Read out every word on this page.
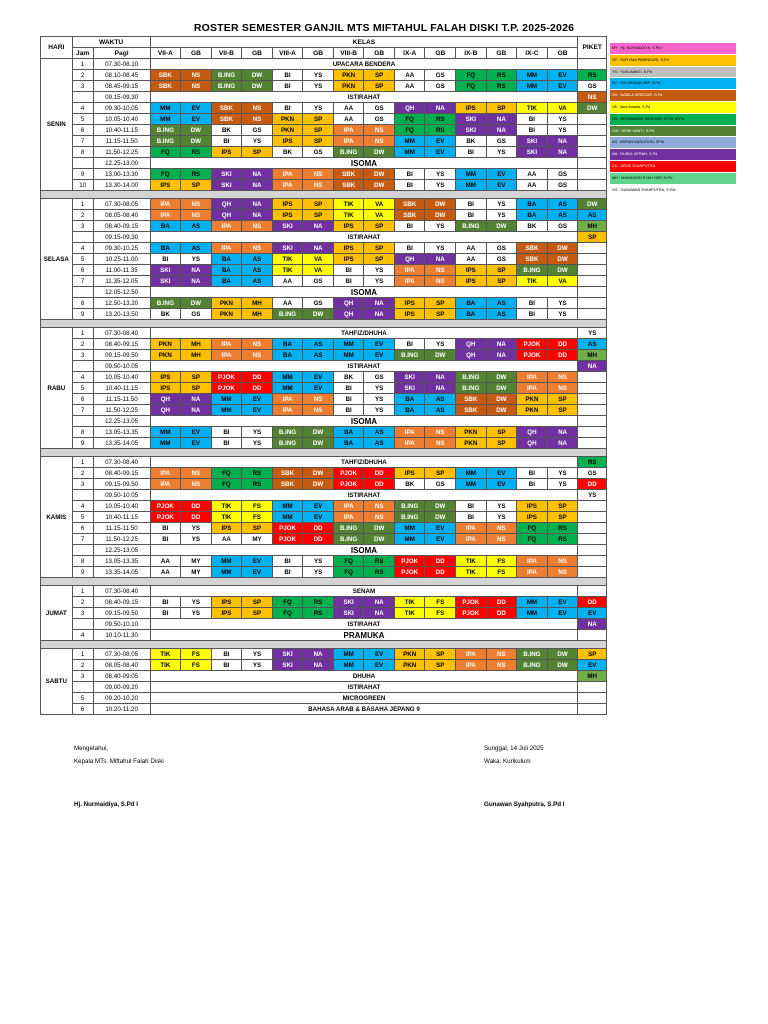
ROSTER SEMESTER GANJIL MTS MIFTAHUL FALAH DISKI T.P. 2025-2026
HARI	WAKTU		KELAS														PIKET
	Jam	Pagi	VII-A	GB	VII-B	GB	VIII-A	GB	VIII-B	GB	IX-A	GB	IX-B	GB	IX-C	GB	
SENIN	1	07.30-08.10	UPACARA BENDERA														
	2	08.10-08.45	SBK	NS	B.ING	DW	BI	YS	PKN	SP	AA	GS	FQ	RS	MM	EV	RS
	3	08.45-09.15	SBK	NS	B.ING	DW	BI	YS	PKN	SP	AA	GS	FQ	RS	MM	EV	GS
		09.15-09.30	ISTIRAHAT														NS
	4	09.30-10.05	MM	EV	SBK	NS	BI	YS	AA	GS	QH	NA	IPS	SP	TIK	VA	DW
	5	10.05-10.40	MM	EV	SBK	NS	PKN	SP	AA	GS	FQ	RS	SKI	NA	BI	YS	
	6	10.40-11.15	B.ING	DW	BK	GS	PKN	SP	IPA	NS	FQ	RS	SKI	NA	BI	YS	
	7	11.15-11.50	B.ING	DW	BI	YS	IPS	SP	IPA	NS	MM	EV	BK	GS	SKI	NA	
	8	11.50-12.25	FQ	RS	IPS	SP	BK	GS	B.ING	DW	MM	EV	BI	YS	SKI	NA	
		12.25-13.00	ISOMA														
	9	13.00-13.30	FQ	RS	SKI	NA	IPA	NS	SBK	DW	BI	YS	MM	EV	AA	GS	
	10	13.30-14.00	IPS	SP	SKI	NA	IPA	NS	SBK	DW	BI	YS	MM	EV	AA	GS	

SELASA	1	07.30-08.05	IPA	NS	QH	NA	IPS	SP	TIK	VA	SBK	DW	BI	YS	BA	AS	DW
	2	08.05-08.40	IPA	NS	QH	NA	IPS	SP	TIK	VA	SBK	DW	BI	YS	BA	AS	AS
	3	08.40-09.15	BA	AS	IPA	NS	SKI	NA	IPS	SP	BI	YS	B.ING	DW	BK	GS	MH
		09.15-09.30	ISTIRAHAT														SP
	4	09.30-10.25	BA	AS	IPA	NS	SKI	NA	IPS	SP	BI	YS	AA	GS	SBK	DW	
	5	10.25-11.00	BI	YS	BA	AS	TIK	VA	IPS	SP	QH	NA	AA	GS	SBK	DW	
	6	11.00-11.35	SKI	NA	BA	AS	TIK	VA	BI	YS	IPA	NS	IPS	SP	B.ING	DW	
	7	11.35-12.05	SKI	NA	BA	AS	AA	GS	BI	YS	IPA	NS	IPS	SP	TIK	VA	
		12.05-12.50	ISOMA														
	8	12.50-13.20	B.ING	DW	PKN	MH	AA	GS	QH	NA	IPS	SP	BA	AS	BI	YS	
	9	13.20-13.50	BK	GS	PKN	MH	B.ING	DW	QH	NA	IPS	SP	BA	AS	BI	YS	

RABU	1	07.30-08.40	TAHFIZ/DHUHA														YS
	2	08.40-09.15	PKN	MH	IPA	NS	BA	AS	MM	EV	BI	YS	QH	NA	PJOK	DD	AS
	3	09.15-09.50	PKN	MH	IPA	NS	BA	AS	MM	EV	B.ING	DW	QH	NA	PJOK	DD	MH
		09.50-10.05	ISTIRAHAT														NA
	4	10.05-10.40	IPS	SP	PJOK	DD	MM	EV	BK	GS	SKI	NA	B.ING	DW	IPA	NS	
	5	10.40-11.15	IPS	SP	PJOK	DD	MM	EV	BI	YS	SKI	NA	B.ING	DW	IPA	NS	
	6	11.15-11.50	QH	NA	MM	EV	IPA	NS	BI	YS	BA	AS	SBK	DW	PKN	SP	
	7	11.50-12.25	QH	NA	MM	EV	IPA	NS	BI	YS	BA	AS	SBK	DW	PKN	SP	
		12.25-13.05	ISOMA														
	8	13.05-13.35	MM	EV	BI	YS	B.ING	DW	BA	AS	IPA	NS	PKN	SP	QH	NA	
	9	13.35-14.05	MM	EV	BI	YS	B.ING	DW	BA	AS	IPA	NS	PKN	SP	QH	NA	

KAMIS	1	07.30-08.40	TAHFIZ/DHUHA														RS
	2	08.40-09.15	IPA	NS	FQ	RS	SBK	DW	PJOK	DD	IPS	SP	MM	EV	BI	YS	GS
	3	09.15-09.50	IPA	NS	FQ	RS	SBK	DW	PJOK	DD	BK	GS	MM	EV	BI	YS	DD
		09.50-10.05	ISTIRAHAT														YS
	4	10.05-10.40	PJOK	DD	TIK	FS	MM	EV	IPA	NS	B.ING	DW	BI	YS	IPS	SP	
	5	10.40-11.15	PJOK	DD	TIK	FS	MM	EV	IPA	NS	B.ING	DW	BI	YS	IPS	SP	
	6	11.15-11.50	BI	YS	IPS	SP	PJOK	DD	B.ING	DW	MM	EV	IPA	NS	FQ	RS	
	7	11.50-12.25	BI	YS	AA	MY	PJOK	DD	B.ING	DW	MM	EV	IPA	NS	FQ	RS	
		12.25-13.05	ISOMA														
	8	13.05-13.35	AA	MY	MM	EV	BI	YS	FQ	RS	PJOK	DD	TIK	FS	IPA	NS	
	9	13.35-14.05	AA	MY	MM	EV	BI	YS	FQ	RS	PJOK	DD	TIK	FS	IPA	NS	

JUMAT	1	07.30-08.40	SENAM														
	2	08.40-09.15	BI	YS	IPS	SP	FQ	RS	SKI	NA	TIK	FS	PJOK	DD	MM	EV	DD
	3	09.15-09.50	BI	YS	IPS	SP	FQ	RS	SKI	NA	TIK	FS	PJOK	DD	MM	EV	EV
		09.50-10.10	ISTIRAHAT														NA
	4	10.10-11.30	PRAMUKA														

SABTU	1	07.30-08.05	TIK	FS	BI	YS	SKI	NA	MM	EV	PKN	SP	IPA	NS	B.ING	DW	SP
	2	08.05-08.40	TIK	FS	BI	YS	SKI	NA	MM	EV	PKN	SP	IPA	NS	B.ING	DW	EV
	3	08.40-09.05	DHUHA														MH
		09.00-09.20	ISTIRAHAT														
	5	09.20-10.20	MICROGREEN														
	6	10.20-11.20	BAHASA ARAB & BASAHA JEPANG 9														
MY : Hj. NURMAIDIYA, S.Pd I
SP : SURYANI PARINDURI, S.Pd
YS : YUSLAWATI, S.Pd
EV : EVI ARIANA HRP, S.Pd
NS : NABILA SIREGAR, S.Pd
VA : Vara Amalia, S.Pd
RS : ROSMAIDAR SIREGAR, S.PdI, M.Pd
DW : DEWI SANTI, S.Pd
AS : ASRAN NASUTION, SPdI
NA : NURUL AFRAH, S.Pd
DD : DEDE SYAHPUTRA
MH : MAKMUDIN SYAH HRP, M.Pd
GS : GUNAWAN SYAHPUTRA, S.PdI
Mengetahui,
Kepala MTs. Miftahul Falah Diski
Hj. Nurmaidiya, S.Pd I
Sunggal, 14 Juli 2025
Waka. Kurikulum
Gunawan Syahputra, S.Pd I
